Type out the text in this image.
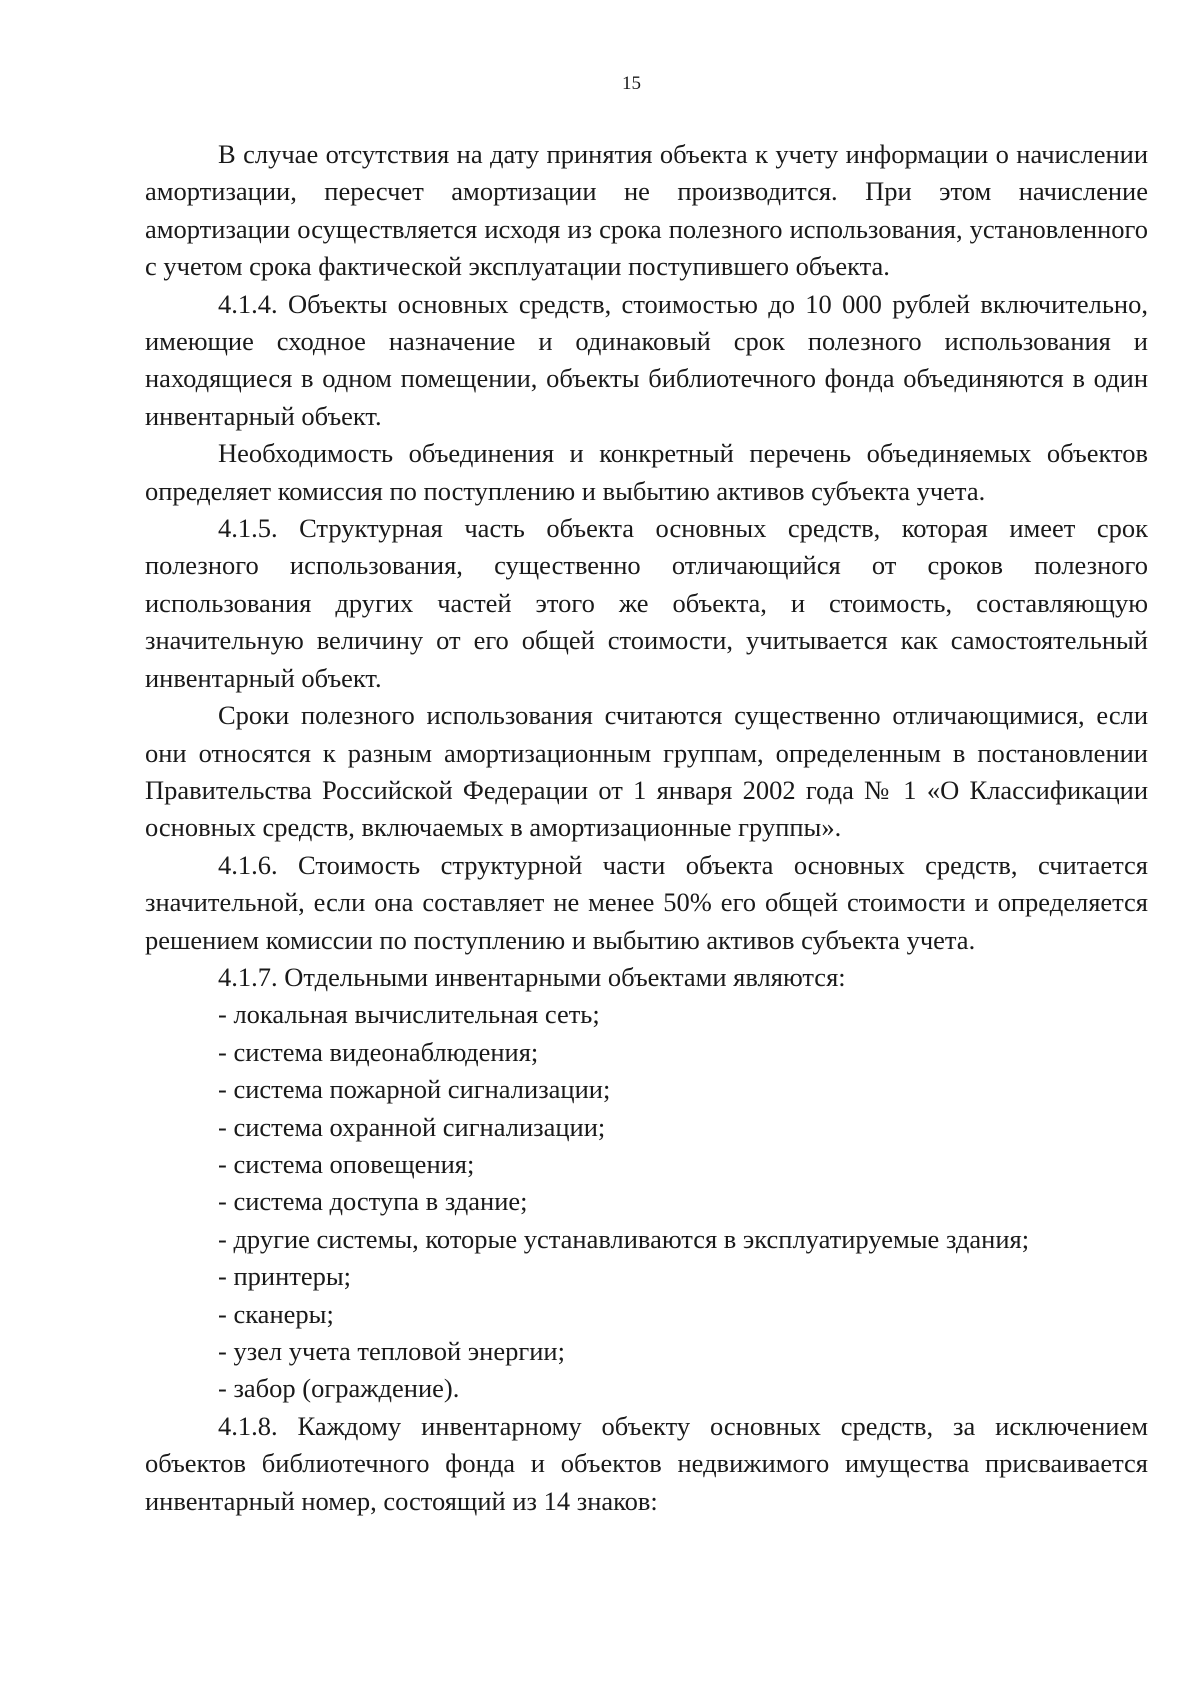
15

В случае отсутствия на дату принятия объекта к учету информации о начислении амортизации, пересчет амортизации не производится. При этом начисление амортизации осуществляется исходя из срока полезного использования, установленного с учетом срока фактической эксплуатации поступившего объекта.

4.1.4. Объекты основных средств, стоимостью до 10 000 рублей включительно, имеющие сходное назначение и одинаковый срок полезного использования и находящиеся в одном помещении, объекты библиотечного фонда объединяются в один инвентарный объект.

Необходимость объединения и конкретный перечень объединяемых объектов определяет комиссия по поступлению и выбытию активов субъекта учета.

4.1.5. Структурная часть объекта основных средств, которая имеет срок полезного использования, существенно отличающийся от сроков полезного использования других частей этого же объекта, и стоимость, составляющую значительную величину от его общей стоимости, учитывается как самостоятельный инвентарный объект.

Сроки полезного использования считаются существенно отличающимися, если они относятся к разным амортизационным группам, определенным в постановлении Правительства Российской Федерации от 1 января 2002 года № 1 «О Классификации основных средств, включаемых в амортизационные группы».

4.1.6. Стоимость структурной части объекта основных средств, считается значительной, если она составляет не менее 50% его общей стоимости и определяется решением комиссии по поступлению и выбытию активов субъекта учета.

4.1.7. Отдельными инвентарными объектами являются:

- локальная вычислительная сеть;

- система видеонаблюдения;

- система пожарной сигнализации;

- система охранной сигнализации;

- система оповещения;

- система доступа в здание;

- другие системы, которые устанавливаются в эксплуатируемые здания;

- принтеры;

- сканеры;

- узел учета тепловой энергии;

- забор (ограждение).

4.1.8. Каждому инвентарному объекту основных средств, за исключением объектов библиотечного фонда и объектов недвижимого имущества присваивается инвентарный номер, состоящий из 14 знаков:
